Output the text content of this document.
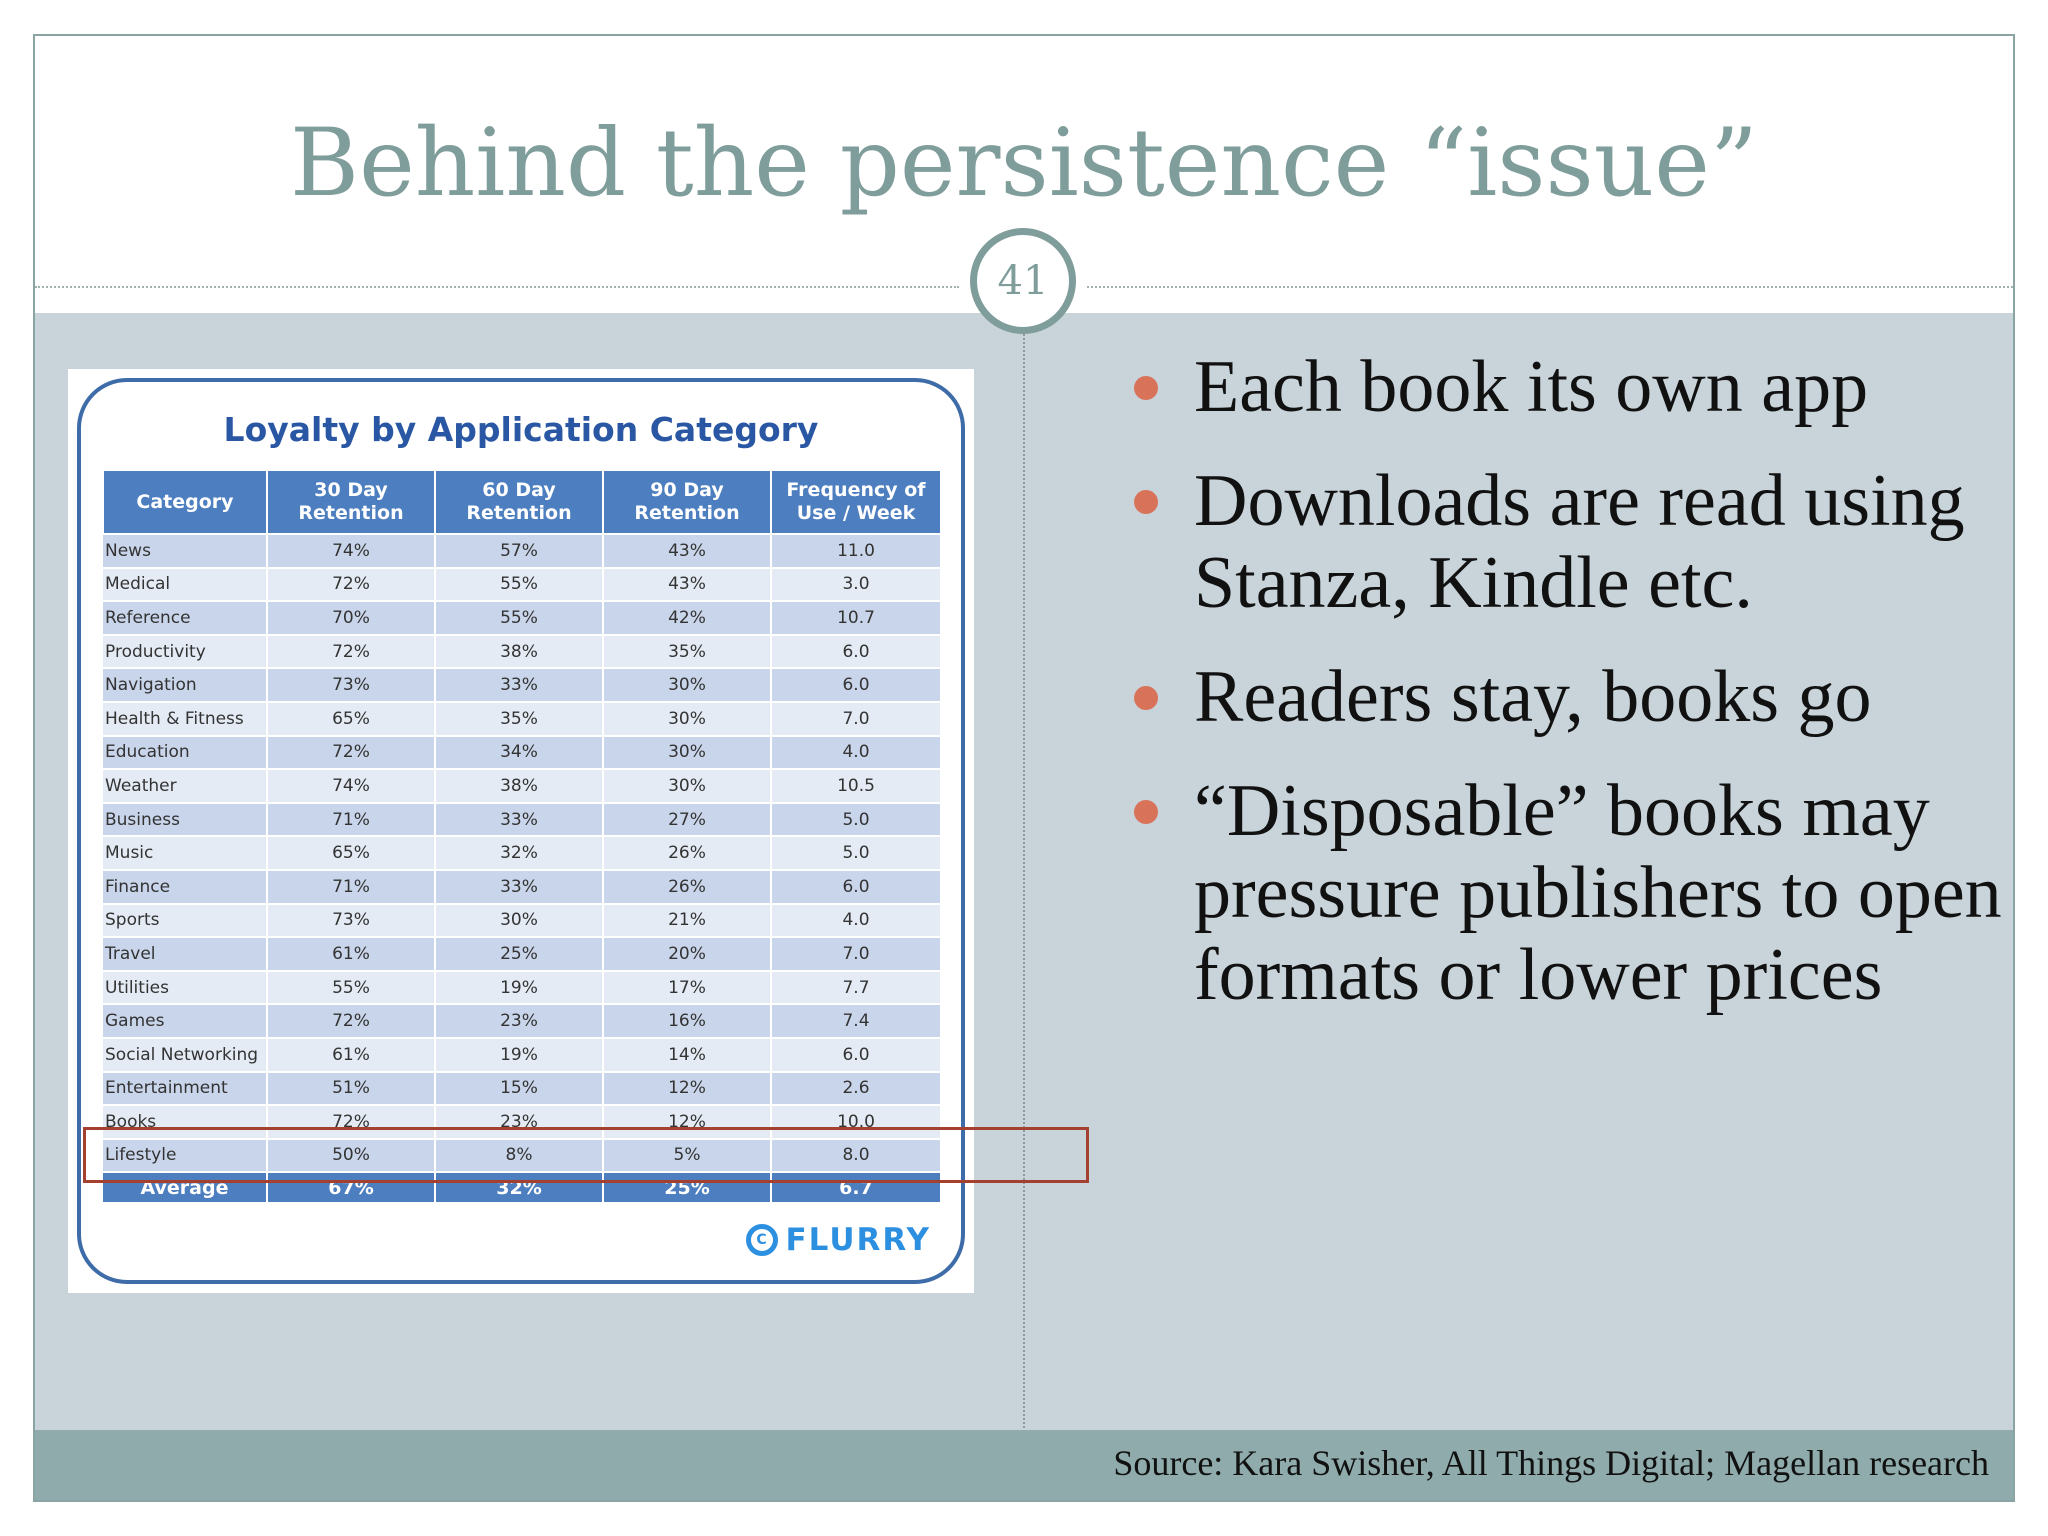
Behind the persistence “issue”
41
Loyalty by Application Category
Category	30 Day Retention	60 Day Retention	90 Day Retention	Frequency of Use / Week
News	74%	57%	43%	11.0
Medical	72%	55%	43%	3.0
Reference	70%	55%	42%	10.7
Productivity	72%	38%	35%	6.0
Navigation	73%	33%	30%	6.0
Health & Fitness	65%	35%	30%	7.0
Education	72%	34%	30%	4.0
Weather	74%	38%	30%	10.5
Business	71%	33%	27%	5.0
Music	65%	32%	26%	5.0
Finance	71%	33%	26%	6.0
Sports	73%	30%	21%	4.0
Travel	61%	25%	20%	7.0
Utilities	55%	19%	17%	7.7
Games	72%	23%	16%	7.4
Social Networking	61%	19%	14%	6.0
Entertainment	51%	15%	12%	2.6
Books	72%	23%	12%	10.0
Lifestyle	50%	8%	5%	8.0
Average	67%	32%	25%	6.7
C FLURRY
Each book its own app
Downloads are read using Stanza, Kindle etc.
Readers stay, books go
“Disposable” books may pressure publishers to open formats or lower prices
Source: Kara Swisher, All Things Digital; Magellan research
